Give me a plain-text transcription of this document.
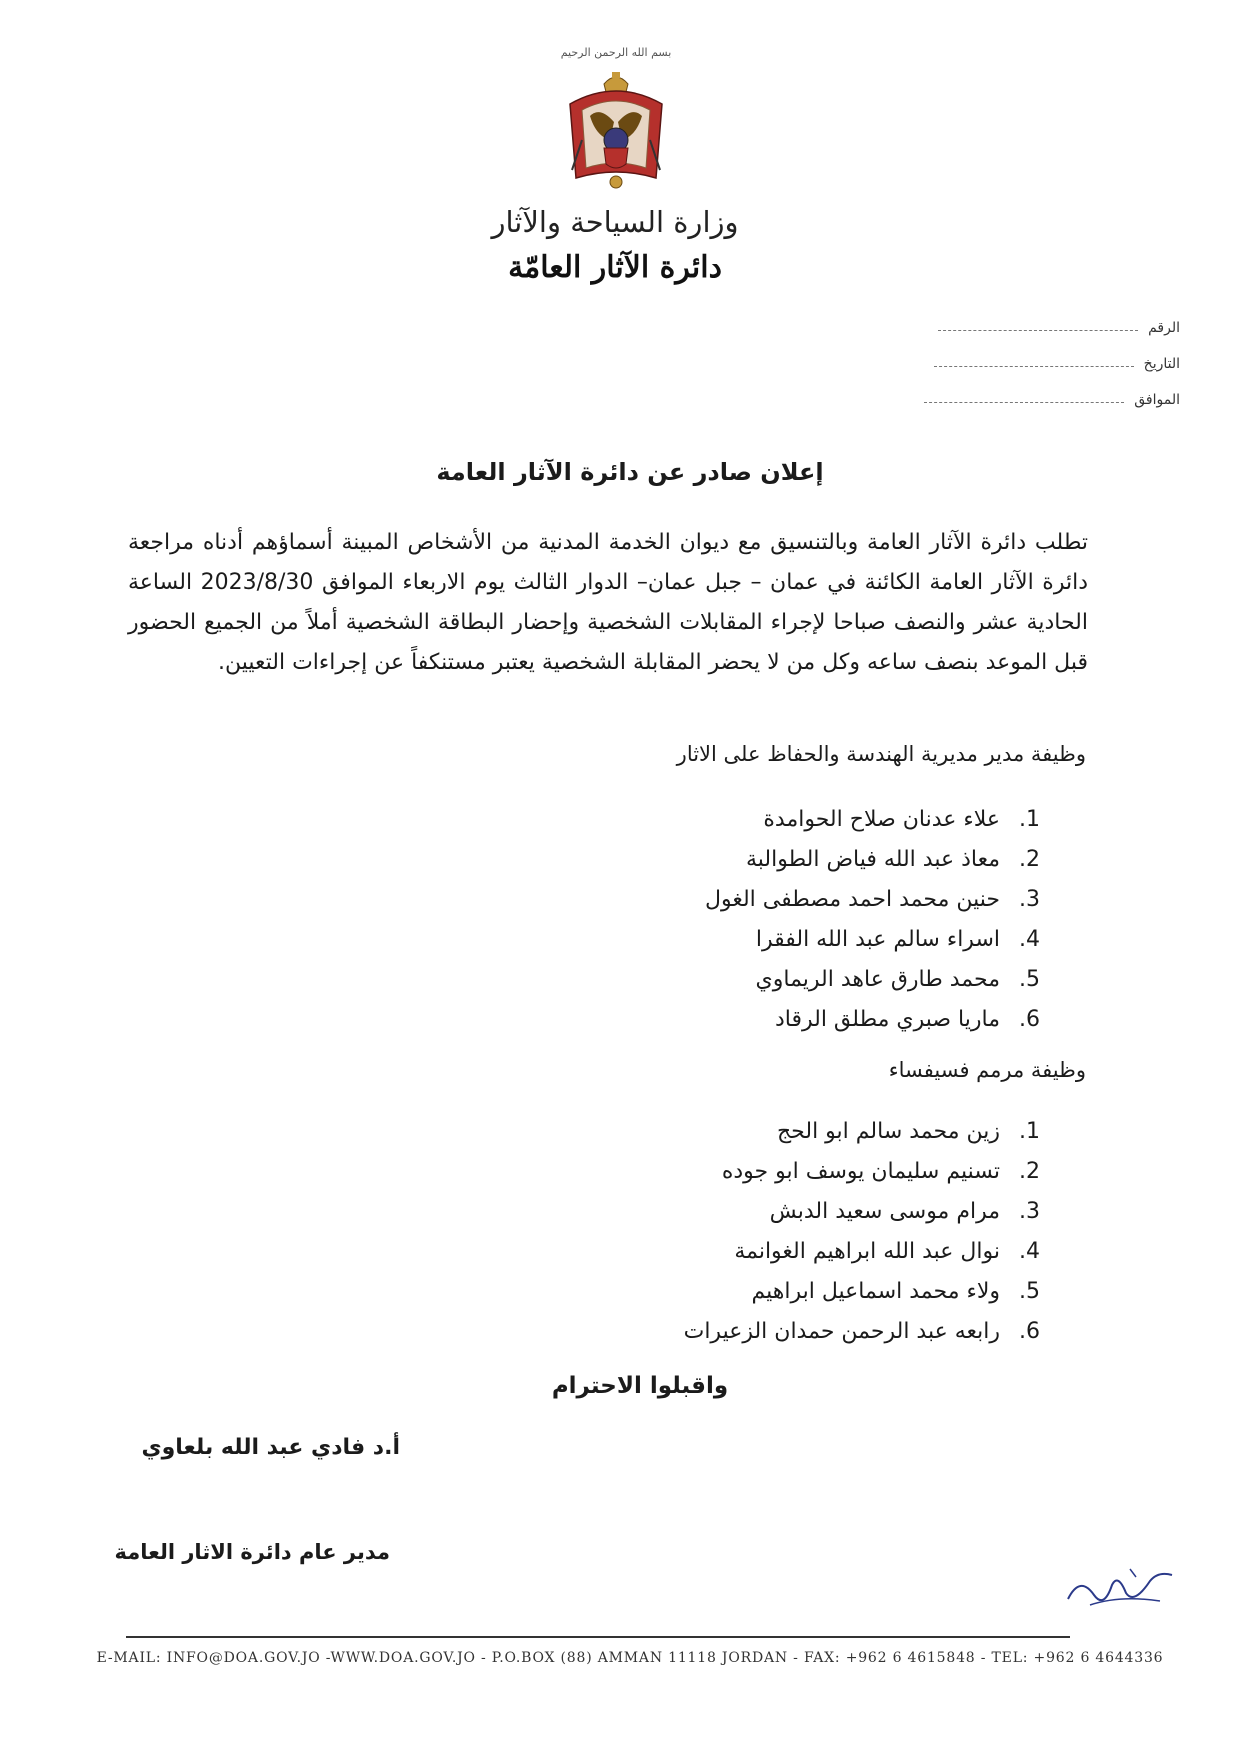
بسم الله الرحمن الرحيم
وزارة السياحة والآثار
دائرة الآثار العامّة
الرقم
التاريخ
الموافق
إعلان صادر عن دائرة الآثار العامة
تطلب دائرة الآثار العامة وبالتنسيق مع ديوان الخدمة المدنية من الأشخاص المبينة أسماؤهم أدناه مراجعة دائرة الآثار العامة الكائنة في عمان – جبل عمان– الدوار الثالث يوم الاربعاء الموافق 2023/8/30 الساعة الحادية عشر والنصف صباحا لإجراء المقابلات الشخصية وإحضار البطاقة الشخصية أملاً من الجميع الحضور قبل الموعد بنصف ساعه وكل من لا يحضر المقابلة الشخصية يعتبر مستنكفاً عن إجراءات التعيين.
وظيفة مدير مديرية الهندسة والحفاظ على الاثار
1.
علاء عدنان صلاح الحوامدة
2.
معاذ عبد الله فياض الطوالبة
3.
حنين محمد احمد مصطفى الغول
4.
اسراء سالم عبد الله الفقرا
5.
محمد طارق عاهد الريماوي
6.
ماريا صبري مطلق الرقاد
وظيفة مرمم فسيفساء
1.
زين محمد سالم ابو الحج
2.
تسنيم سليمان يوسف ابو جوده
3.
مرام موسى سعيد الدبش
4.
نوال عبد الله ابراهيم الغوانمة
5.
ولاء محمد اسماعيل ابراهيم
6.
رابعه عبد الرحمن حمدان الزعيرات
واقبلوا الاحترام
أ.د فادي عبد الله بلعاوي
مدير عام دائرة الاثار العامة
E-MAIL: INFO@DOA.GOV.JO -WWW.DOA.GOV.JO - P.O.BOX (88) AMMAN 11118 JORDAN - FAX: +962 6 4615848 - TEL: +962 6 4644336
